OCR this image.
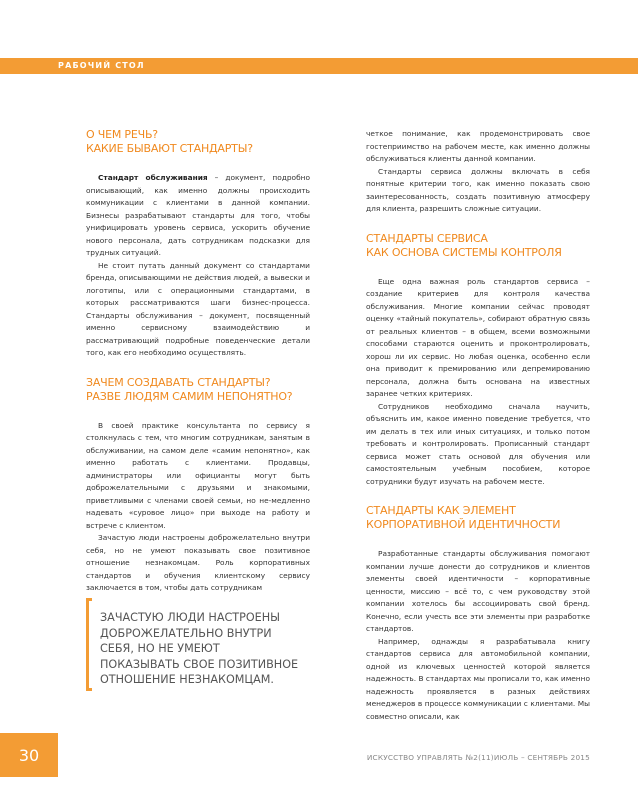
РАБОЧИЙ СТОЛ
О ЧЕМ РЕЧЬ?
КАКИЕ БЫВАЮТ СТАНДАРТЫ?

Стандарт обслуживания – документ, подробно описывающий, как именно должны происходить коммуникации с клиентами в данной компании. Бизнесы разрабатывают стандарты для того, чтобы унифицировать уровень сервиса, ускорить обучение нового персонала, дать сотрудникам подсказки для трудных ситуаций.

Не стоит путать данный документ со стандартами бренда, описывающими не действия людей, а вывески и логотипы, или с операционными стандартами, в которых рассматриваются шаги бизнес-процесса. Стандарты обслуживания – документ, посвященный именно сервисному взаимодействию и рассматривающий подробные поведенческие детали того, как его необходимо осуществлять.

ЗАЧЕМ СОЗДАВАТЬ СТАНДАРТЫ?
РАЗВЕ ЛЮДЯМ САМИМ НЕПОНЯТНО?

В своей практике консультанта по сервису я столкнулась с тем, что многим сотрудникам, занятым в обслуживании, на самом деле «самим непонятно», как именно работать с клиентами. Продавцы, администраторы или официанты могут быть доброжелательными с друзьями и знакомыми, приветливыми с членами своей семьи, но не-медленно надевать «суровое лицо» при выходе на работу и встрече с клиентом.

Зачастую люди настроены доброжелательно внутри себя, но не умеют показывать свое позитивное отношение незнакомцам. Роль корпоративных стандартов и обучения клиентскому сервису заключается в том, чтобы дать сотрудникам

ЗАЧАСТУЮ ЛЮДИ НАСТРОЕНЫ ДОБРОЖЕЛАТЕЛЬНО ВНУТРИ СЕБЯ, НО НЕ УМЕЮТ ПОКАЗЫВАТЬ СВОЕ ПОЗИТИВНОЕ ОТНОШЕНИЕ НЕЗНАКОМЦАМ.

четкое понимание, как продемонстрировать свое гостеприимство на рабочем месте, как именно должны обслуживаться клиенты данной компании.

Стандарты сервиса должны включать в себя понятные критерии того, как именно показать свою заинтересованность, создать позитивную атмосферу для клиента, разрешить сложные ситуации.

СТАНДАРТЫ СЕРВИСА
КАК ОСНОВА СИСТЕМЫ КОНТРОЛЯ

Еще одна важная роль стандартов сервиса – создание критериев для контроля качества обслуживания. Многие компании сейчас проводят оценку «тайный покупатель», собирают обратную связь от реальных клиентов – в общем, всеми возможными способами стараются оценить и проконтролировать, хорош ли их сервис. Но любая оценка, особенно если она приводит к премированию или депремированию персонала, должна быть основана на известных заранее четких критериях.

Сотрудников необходимо сначала научить, объяснить им, какое именно поведение требуется, что им делать в тех или иных ситуациях, и только потом требовать и контролировать. Прописанный стандарт сервиса может стать основой для обучения или самостоятельным учебным пособием, которое сотрудники будут изучать на рабочем месте.

СТАНДАРТЫ КАК ЭЛЕМЕНТ
КОРПОРАТИВНОЙ ИДЕНТИЧНОСТИ

Разработанные стандарты обслуживания помогают компании лучше донести до сотрудников и клиентов элементы своей идентичности – корпоративные ценности, миссию – всё то, с чем руководству этой компании хотелось бы ассоциировать свой бренд. Конечно, если учесть все эти элементы при разработке стандартов.

Например, однажды я разрабатывала книгу стандартов сервиса для автомобильной компании, одной из ключевых ценностей которой является надежность. В стандартах мы прописали то, как именно надежность проявляется в разных действиях менеджеров в процессе коммуникации с клиентами. Мы совместно описали, как

30	ИСКУССТВО УПРАВЛЯТЬ №2(11)ИЮЛЬ – СЕНТЯБРЬ 2015
